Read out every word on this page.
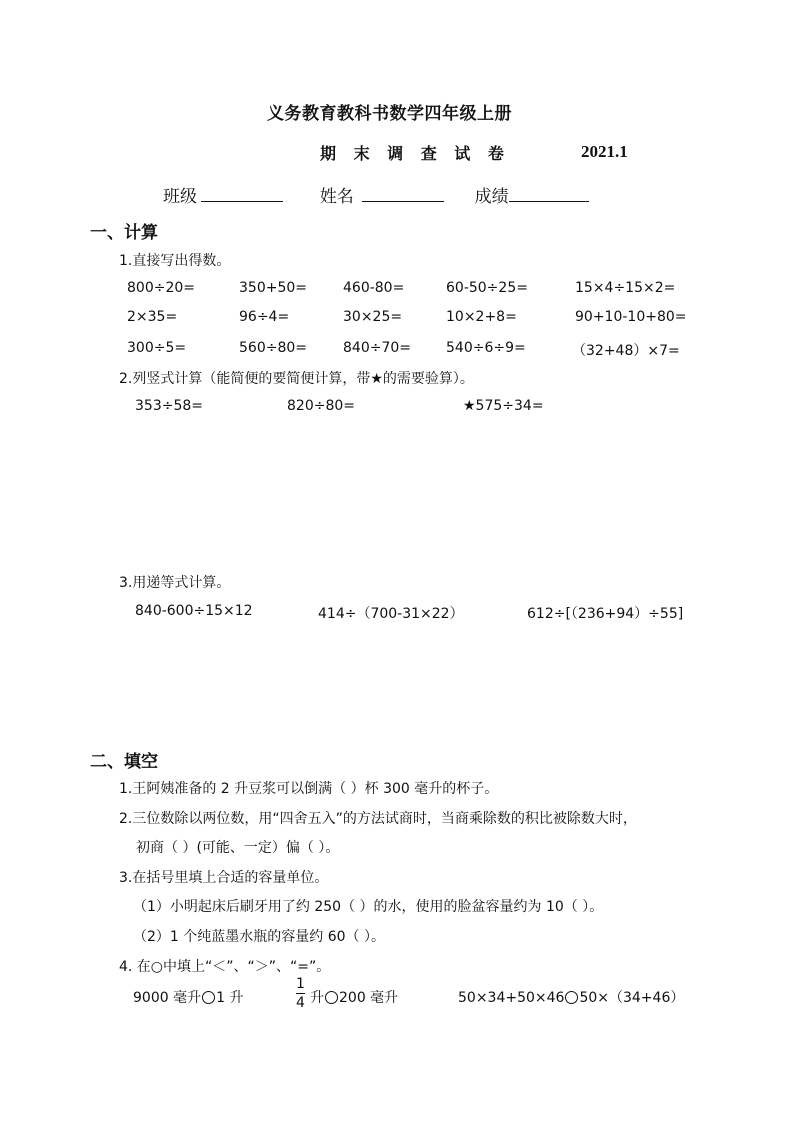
义务教育教科书数学四年级上册
期 末 调 查 试 卷	2021.1
班级	姓名	成绩
一、计算
1.直接写出得数。
800÷20=	350+50=	460-80=	60-50÷25=	15×4÷15×2=
2×35=	96÷4=	30×25=	10×2+8=	90+10-10+80=
300÷5=	560÷80=	840÷70=	540÷6÷9=	（32+48）×7=
2.列竖式计算（能简便的要简便计算，带★的需要验算）。
353÷58=	820÷80=	★575÷34=
3.用递等式计算。
840-600÷15×12	414÷（700-31×22）	612÷[（236+94）÷55]
二、填空
1.王阿姨准备的 2 升豆浆可以倒满（ ）杯 300 毫升的杯子。
2.三位数除以两位数，用“四舍五入”的方法试商时，当商乘除数的积比被除数大时，
初商（ ）(可能、一定）偏（ ）。
3.在括号里填上合适的容量单位。
（1）小明起床后刷牙用了约 250（ ）的水，使用的脸盆容量约为 10（ ）。
（2）1 个纯蓝墨水瓶的容量约 60（ ）。
4. 在○中填上“＜”、“＞”、“=”。
9000 毫升 1 升
1
4 升 200 毫升	50×34+50×46 50×（34+46）
